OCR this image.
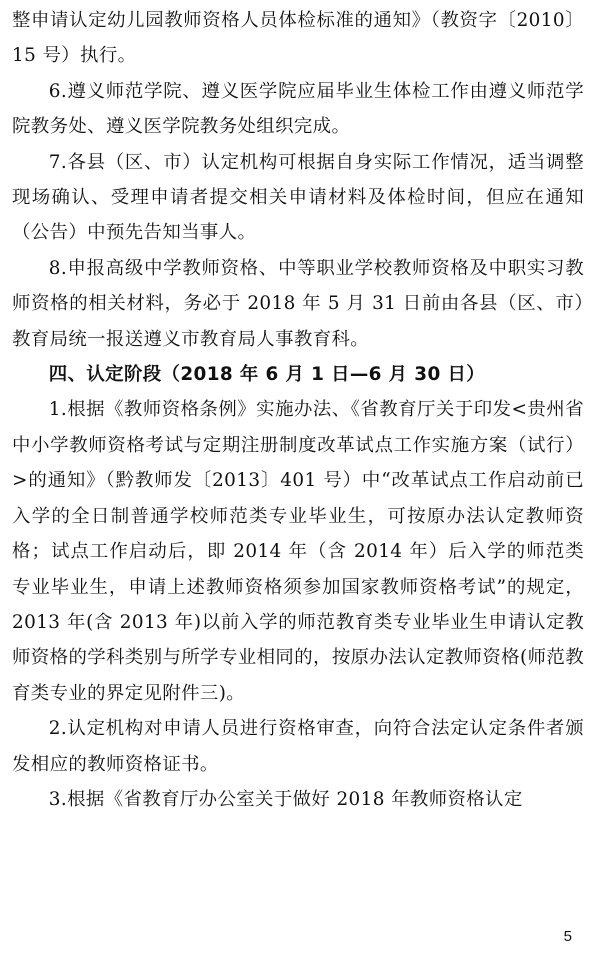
整申请认定幼儿园教师资格人员体检标准的通知》（教资字〔2010〕15 号）执行。

6.遵义师范学院、遵义医学院应届毕业生体检工作由遵义师范学院教务处、遵义医学院教务处组织完成。

7.各县（区、市）认定机构可根据自身实际工作情况，适当调整现场确认、受理申请者提交相关申请材料及体检时间，但应在通知（公告）中预先告知当事人。

8.申报高级中学教师资格、中等职业学校教师资格及中职实习教师资格的相关材料，务必于 2018 年 5 月 31 日前由各县（区、市）教育局统一报送遵义市教育局人事教育科。

四、认定阶段（2018 年 6 月 1 日—6 月 30 日）

1.根据《教师资格条例》实施办法、《省教育厅关于印发<贵州省中小学教师资格考试与定期注册制度改革试点工作实施方案（试行）>的通知》（黔教师发〔2013〕401 号）中“改革试点工作启动前已入学的全日制普通学校师范类专业毕业生，可按原办法认定教师资格；试点工作启动后，即 2014 年（含 2014 年）后入学的师范类专业毕业生，申请上述教师资格须参加国家教师资格考试”的规定，2013 年(含 2013 年)以前入学的师范教育类专业毕业生申请认定教师资格的学科类别与所学专业相同的，按原办法认定教师资格(师范教育类专业的界定见附件三)。

2.认定机构对申请人员进行资格审查，向符合法定认定条件者颁发相应的教师资格证书。

3.根据《省教育厅办公室关于做好 2018 年教师资格认定

5
